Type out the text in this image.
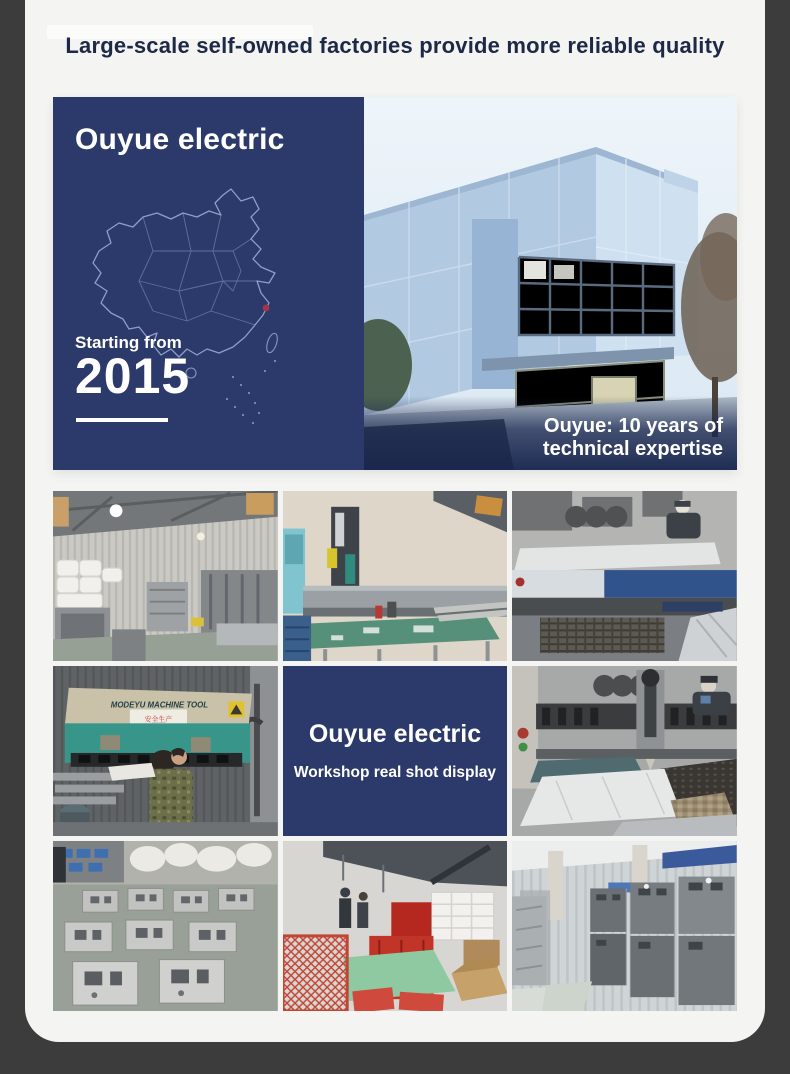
Large-scale self-owned factories provide more reliable quality
Ouyue electric
Starting from
2015
Ouyue: 10 years of
technical expertise
MODEYU MACHINE TOOL
安全生产
Ouyue electric
Workshop real shot display
